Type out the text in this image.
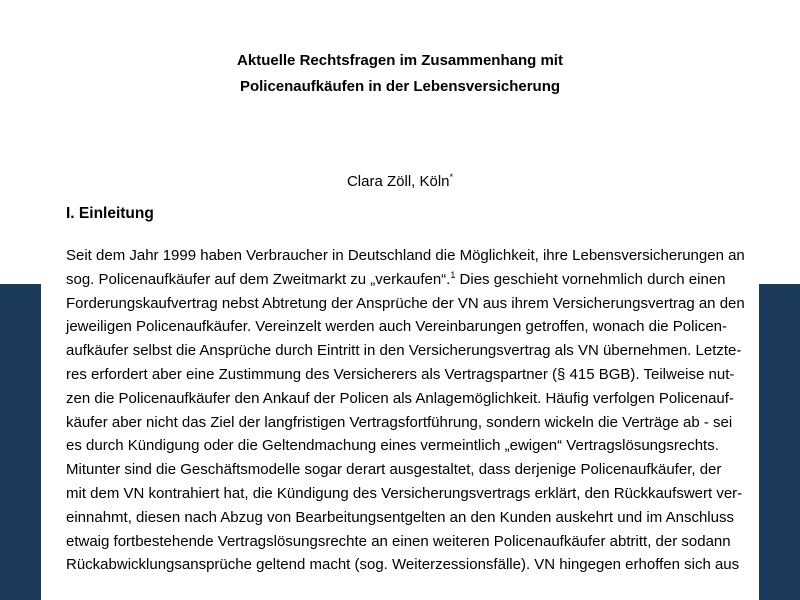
Aktuelle Rechtsfragen im Zusammenhang mit
Policenaufkäufen in der Lebensversicherung
Clara Zöll, Köln*
I. Einleitung
Seit dem Jahr 1999 haben Verbraucher in Deutschland die Möglichkeit, ihre Lebensversicherungen an
sog. Policenaufkäufer auf dem Zweitmarkt zu „verkaufen“.$^1$ Dies geschieht vornehmlich durch einen
Forderungskaufvertrag nebst Abtretung der Ansprüche der VN aus ihrem Versicherungsvertrag an den
jeweiligen Policenaufkäufer. Vereinzelt werden auch Vereinbarungen getroffen, wonach die Policen-
aufkäufer selbst die Ansprüche durch Eintritt in den Versicherungsvertrag als VN übernehmen. Letzte-
res erfordert aber eine Zustimmung des Versicherers als Vertragspartner (§ 415 BGB). Teilweise nut-
zen die Policenaufkäufer den Ankauf der Policen als Anlagemöglichkeit. Häufig verfolgen Policenauf-
käufer aber nicht das Ziel der langfristigen Vertragsfortführung, sondern wickeln die Verträge ab - sei
es durch Kündigung oder die Geltendmachung eines vermeintlich „ewigen“ Vertragslösungsrechts.
Mitunter sind die Geschäftsmodelle sogar derart ausgestaltet, dass derjenige Policenaufkäufer, der
mit dem VN kontrahiert hat, die Kündigung des Versicherungsvertrags erklärt, den Rückkaufswert ver-
einnahmt, diesen nach Abzug von Bearbeitungsentgelten an den Kunden auskehrt und im Anschluss
etwaig fortbestehende Vertragslösungsrechte an einen weiteren Policenaufkäufer abtritt, der sodann
Rückabwicklungsansprüche geltend macht (sog. Weiterzessionsfälle). VN hingegen erhoffen sich aus
